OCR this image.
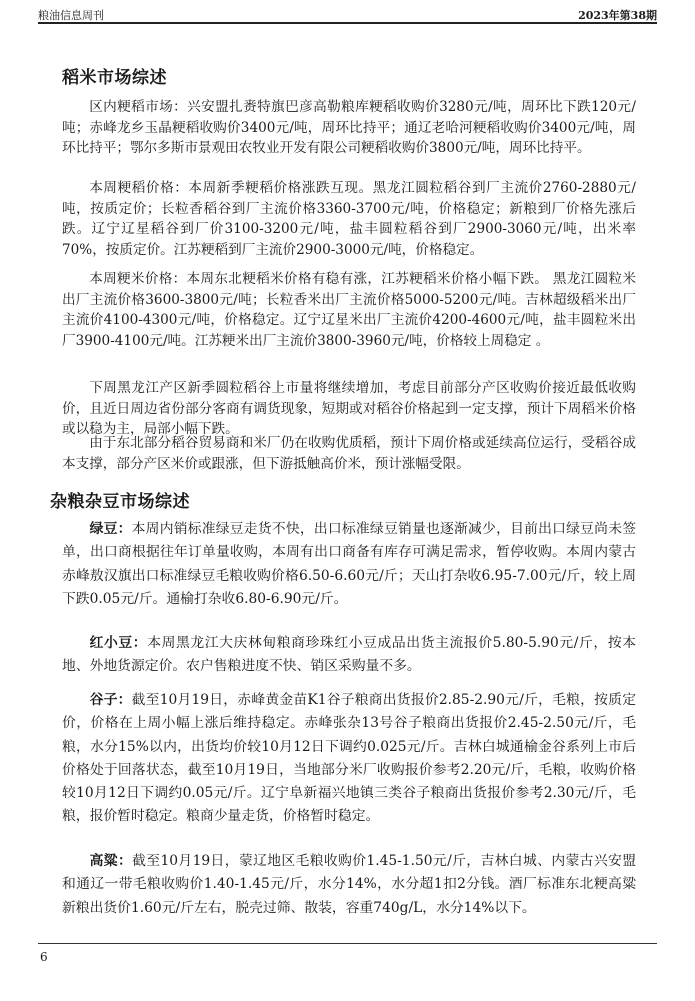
粮油信息周刊	2023年第38期
稻米市场综述

区内粳稻市场：兴安盟扎赉特旗巴彦高勒粮库粳稻收购价3280元/吨，周环比下跌120元/吨；赤峰龙乡玉晶粳稻收购价3400元/吨，周环比持平；通辽老哈河粳稻收购价3400元/吨，周环比持平；鄂尔多斯市景观田农牧业开发有限公司粳稻收购价3800元/吨，周环比持平。

本周粳稻价格：本周新季粳稻价格涨跌互现。黑龙江圆粒稻谷到厂主流价2760-2880元/吨，按质定价；长粒香稻谷到厂主流价格3360-3700元/吨，价格稳定；新粮到厂价格先涨后跌。辽宁辽星稻谷到厂价3100-3200元/吨，盐丰圆粒稻谷到厂2900-3060元/吨，出米率70%，按质定价。江苏粳稻到厂主流价2900-3000元/吨，价格稳定。

本周粳米价格：本周东北粳稻米价格有稳有涨，江苏粳稻米价格小幅下跌。 黑龙江圆粒米出厂主流价格3600-3800元/吨；长粒香米出厂主流价格5000-5200元/吨。吉林超级稻米出厂主流价4100-4300元/吨，价格稳定。辽宁辽星米出厂主流价4200-4600元/吨，盐丰圆粒米出厂3900-4100元/吨。江苏粳米出厂主流价3800-3960元/吨，价格较上周稳定 。

下周黑龙江产区新季圆粒稻谷上市量将继续增加，考虑目前部分产区收购价接近最低收购价，且近日周边省份部分客商有调货现象，短期或对稻谷价格起到一定支撑，预计下周稻米价格或以稳为主，局部小幅下跌。

由于东北部分稻谷贸易商和米厂仍在收购优质稻，预计下周价格或延续高位运行，受稻谷成本支撑，部分产区米价或跟涨，但下游抵触高价米，预计涨幅受限。

杂粮杂豆市场综述

绿豆：本周内销标准绿豆走货不快，出口标准绿豆销量也逐渐减少，目前出口绿豆尚未签单，出口商根据往年订单量收购，本周有出口商备有库存可满足需求，暂停收购。本周内蒙古赤峰敖汉旗出口标准绿豆毛粮收购价格6.50-6.60元/斤；天山打杂收6.95-7.00元/斤，较上周下跌0.05元/斤。通榆打杂收6.80-6.90元/斤。

红小豆：本周黑龙江大庆林甸粮商珍珠红小豆成品出货主流报价5.80-5.90元/斤，按本地、外地货源定价。农户售粮进度不快、销区采购量不多。

谷子：截至10月19日，赤峰黄金苗K1谷子粮商出货报价2.85-2.90元/斤，毛粮，按质定价，价格在上周小幅上涨后维持稳定。赤峰张杂13号谷子粮商出货报价2.45-2.50元/斤，毛粮，水分15%以内，出货均价较10月12日下调约0.025元/斤。吉林白城通榆金谷系列上市后价格处于回落状态，截至10月19日，当地部分米厂收购报价参考2.20元/斤，毛粮，收购价格较10月12日下调约0.05元/斤。辽宁阜新福兴地镇三类谷子粮商出货报价参考2.30元/斤，毛粮，报价暂时稳定。粮商少量走货，价格暂时稳定。

高粱：截至10月19日，蒙辽地区毛粮收购价1.45-1.50元/斤，吉林白城、内蒙古兴安盟和通辽一带毛粮收购价1.40-1.45元/斤，水分14%，水分超1扣2分钱。酒厂标准东北粳高粱新粮出货价1.60元/斤左右，脱壳过筛、散装，容重740g/L，水分14%以下。

6
